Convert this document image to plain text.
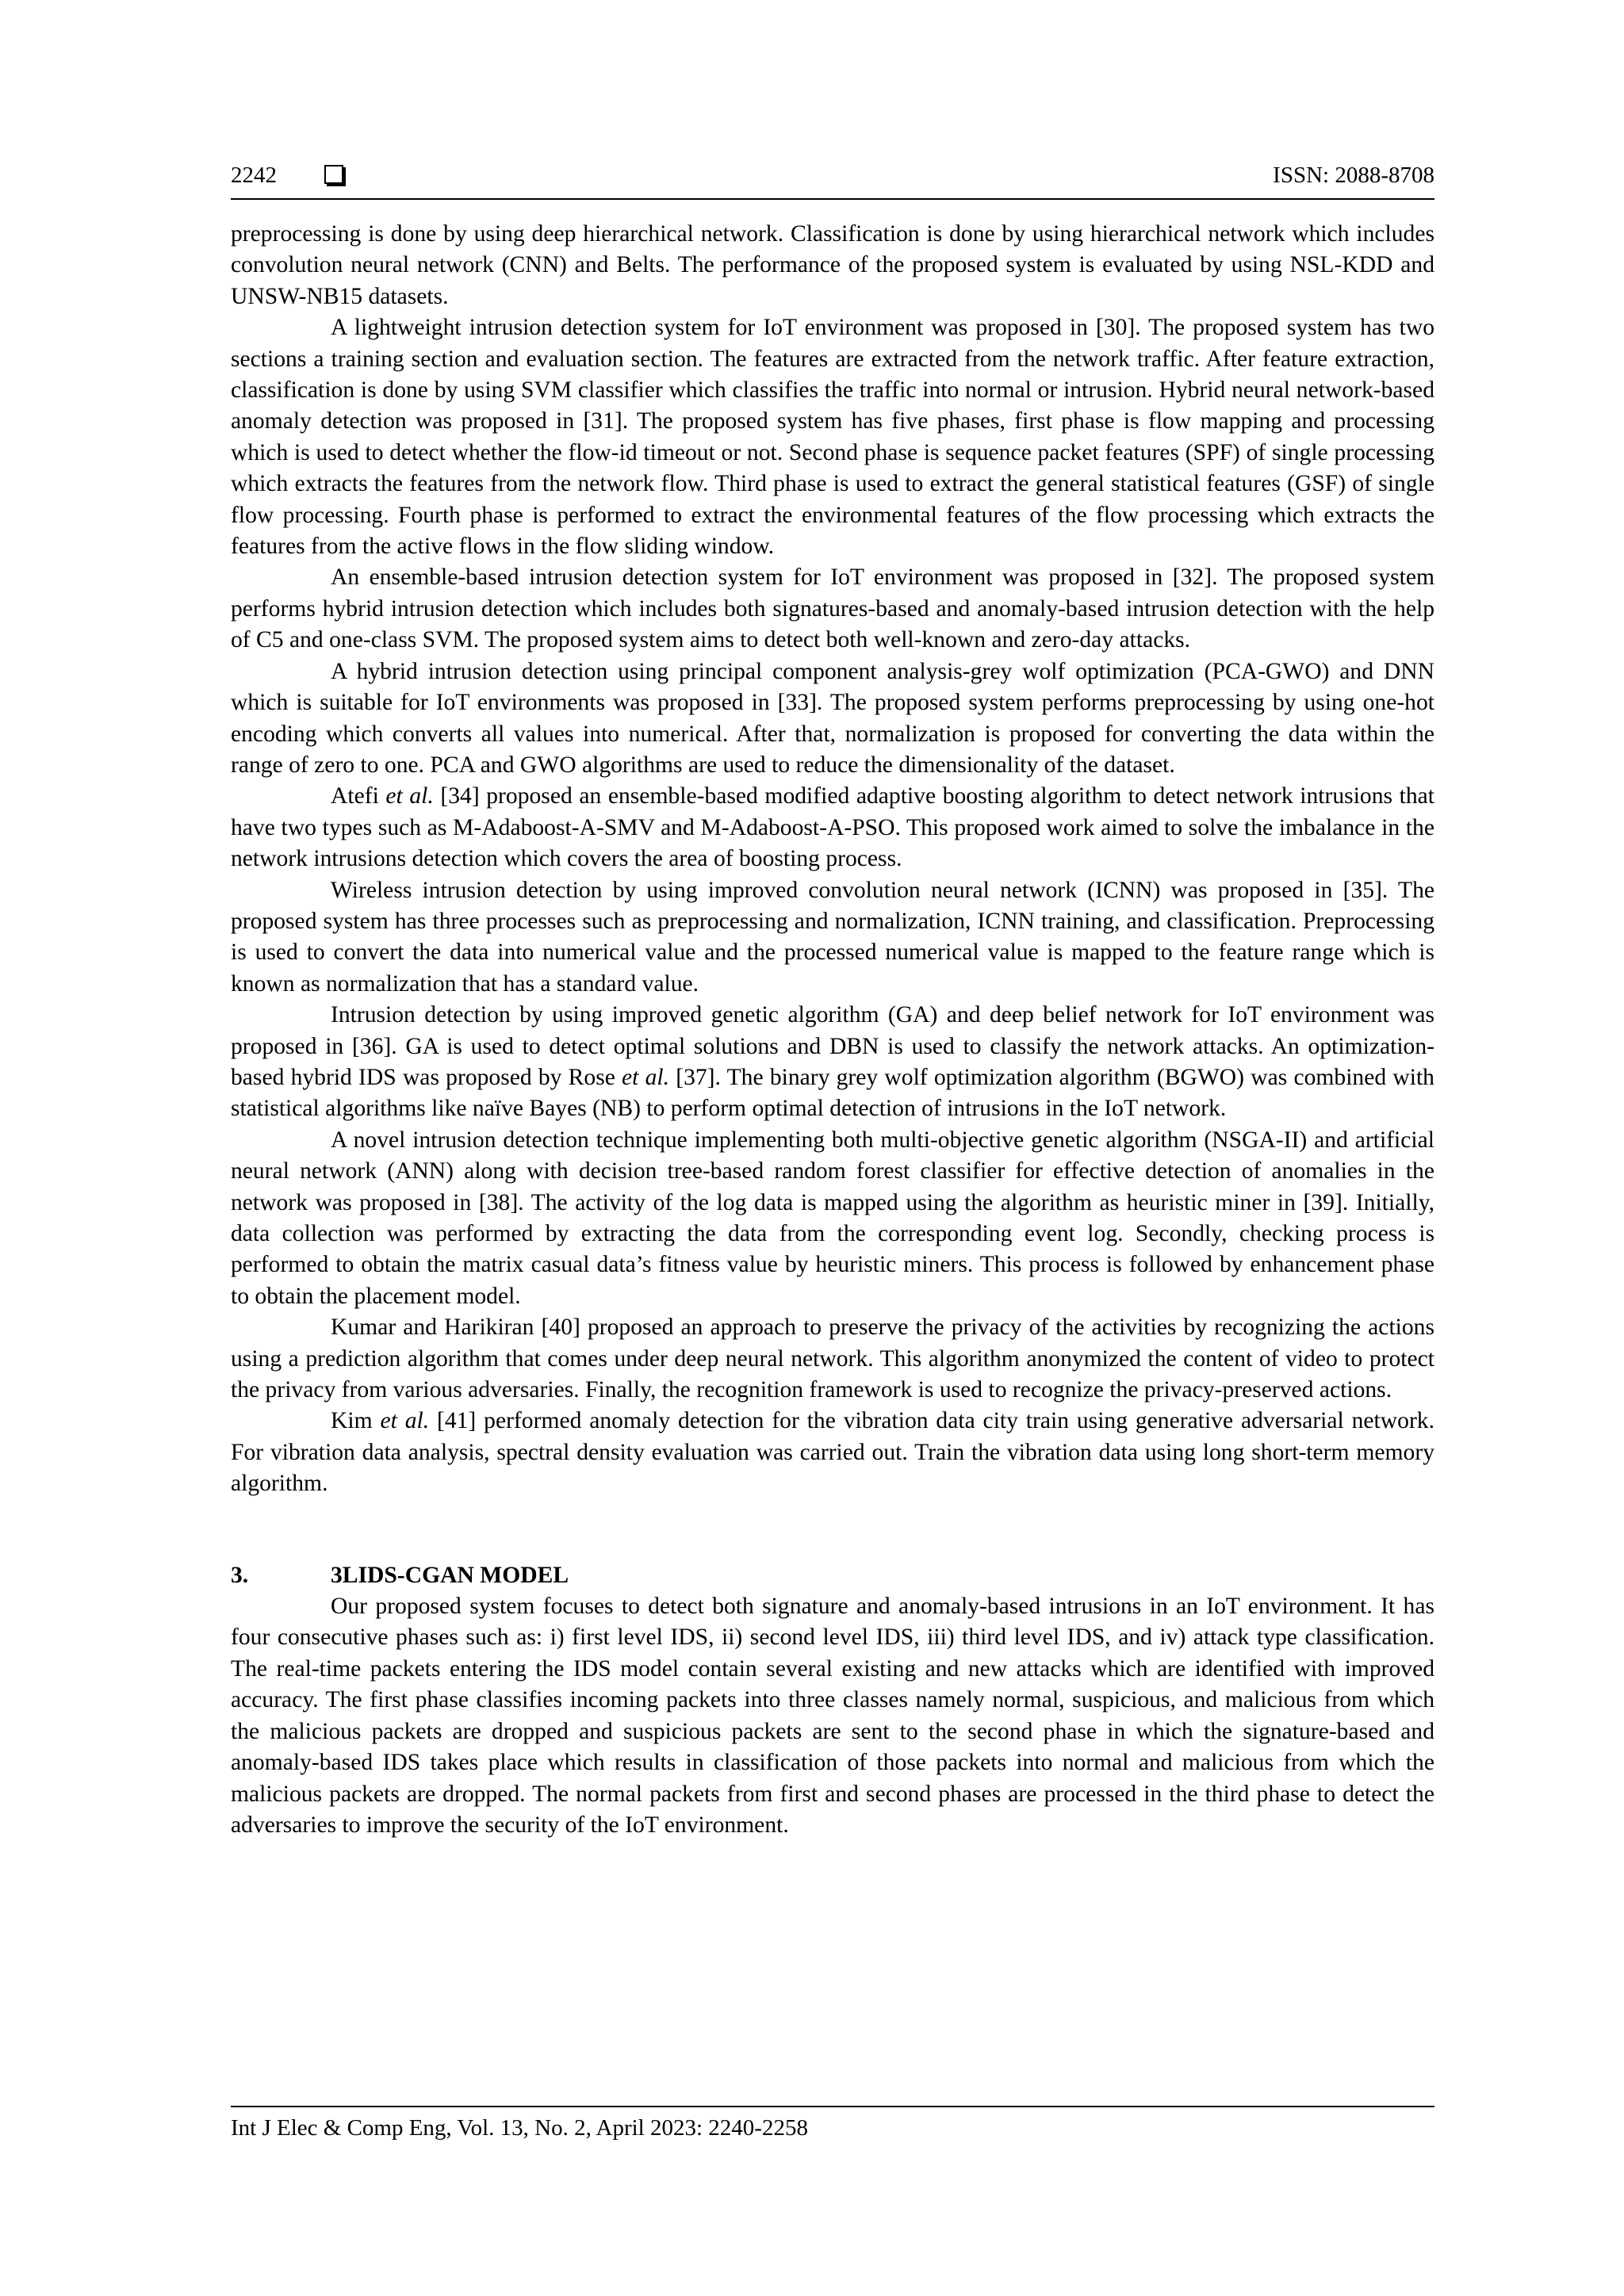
2242	ISSN: 2088-8708

preprocessing is done by using deep hierarchical network. Classification is done by using hierarchical network which includes convolution neural network (CNN) and Belts. The performance of the proposed system is evaluated by using NSL-KDD and UNSW-NB15 datasets.

A lightweight intrusion detection system for IoT environment was proposed in [30]. The proposed system has two sections a training section and evaluation section. The features are extracted from the network traffic. After feature extraction, classification is done by using SVM classifier which classifies the traffic into normal or intrusion. Hybrid neural network-based anomaly detection was proposed in [31]. The proposed system has five phases, first phase is flow mapping and processing which is used to detect whether the flow-id timeout or not. Second phase is sequence packet features (SPF) of single processing which extracts the features from the network flow. Third phase is used to extract the general statistical features (GSF) of single flow processing. Fourth phase is performed to extract the environmental features of the flow processing which extracts the features from the active flows in the flow sliding window.

An ensemble-based intrusion detection system for IoT environment was proposed in [32]. The proposed system performs hybrid intrusion detection which includes both signatures-based and anomaly-based intrusion detection with the help of C5 and one-class SVM. The proposed system aims to detect both well-known and zero-day attacks.

A hybrid intrusion detection using principal component analysis-grey wolf optimization (PCA-GWO) and DNN which is suitable for IoT environments was proposed in [33]. The proposed system performs preprocessing by using one-hot encoding which converts all values into numerical. After that, normalization is proposed for converting the data within the range of zero to one. PCA and GWO algorithms are used to reduce the dimensionality of the dataset.

Atefi et al. [34] proposed an ensemble-based modified adaptive boosting algorithm to detect network intrusions that have two types such as M-Adaboost-A-SMV and M-Adaboost-A-PSO. This proposed work aimed to solve the imbalance in the network intrusions detection which covers the area of boosting process.

Wireless intrusion detection by using improved convolution neural network (ICNN) was proposed in [35]. The proposed system has three processes such as preprocessing and normalization, ICNN training, and classification. Preprocessing is used to convert the data into numerical value and the processed numerical value is mapped to the feature range which is known as normalization that has a standard value.

Intrusion detection by using improved genetic algorithm (GA) and deep belief network for IoT environment was proposed in [36]. GA is used to detect optimal solutions and DBN is used to classify the network attacks. An optimization-based hybrid IDS was proposed by Rose et al. [37]. The binary grey wolf optimization algorithm (BGWO) was combined with statistical algorithms like naïve Bayes (NB) to perform optimal detection of intrusions in the IoT network.

A novel intrusion detection technique implementing both multi-objective genetic algorithm (NSGA-II) and artificial neural network (ANN) along with decision tree-based random forest classifier for effective detection of anomalies in the network was proposed in [38]. The activity of the log data is mapped using the algorithm as heuristic miner in [39]. Initially, data collection was performed by extracting the data from the corresponding event log. Secondly, checking process is performed to obtain the matrix casual data’s fitness value by heuristic miners. This process is followed by enhancement phase to obtain the placement model.

Kumar and Harikiran [40] proposed an approach to preserve the privacy of the activities by recognizing the actions using a prediction algorithm that comes under deep neural network. This algorithm anonymized the content of video to protect the privacy from various adversaries. Finally, the recognition framework is used to recognize the privacy-preserved actions.

Kim et al. [41] performed anomaly detection for the vibration data city train using generative adversarial network. For vibration data analysis, spectral density evaluation was carried out. Train the vibration data using long short-term memory algorithm.

3.	3LIDS-CGAN MODEL

Our proposed system focuses to detect both signature and anomaly-based intrusions in an IoT environment. It has four consecutive phases such as: i) first level IDS, ii) second level IDS, iii) third level IDS, and iv) attack type classification. The real-time packets entering the IDS model contain several existing and new attacks which are identified with improved accuracy. The first phase classifies incoming packets into three classes namely normal, suspicious, and malicious from which the malicious packets are dropped and suspicious packets are sent to the second phase in which the signature-based and anomaly-based IDS takes place which results in classification of those packets into normal and malicious from which the malicious packets are dropped. The normal packets from first and second phases are processed in the third phase to detect the adversaries to improve the security of the IoT environment.

Int J Elec & Comp Eng, Vol. 13, No. 2, April 2023: 2240-2258
